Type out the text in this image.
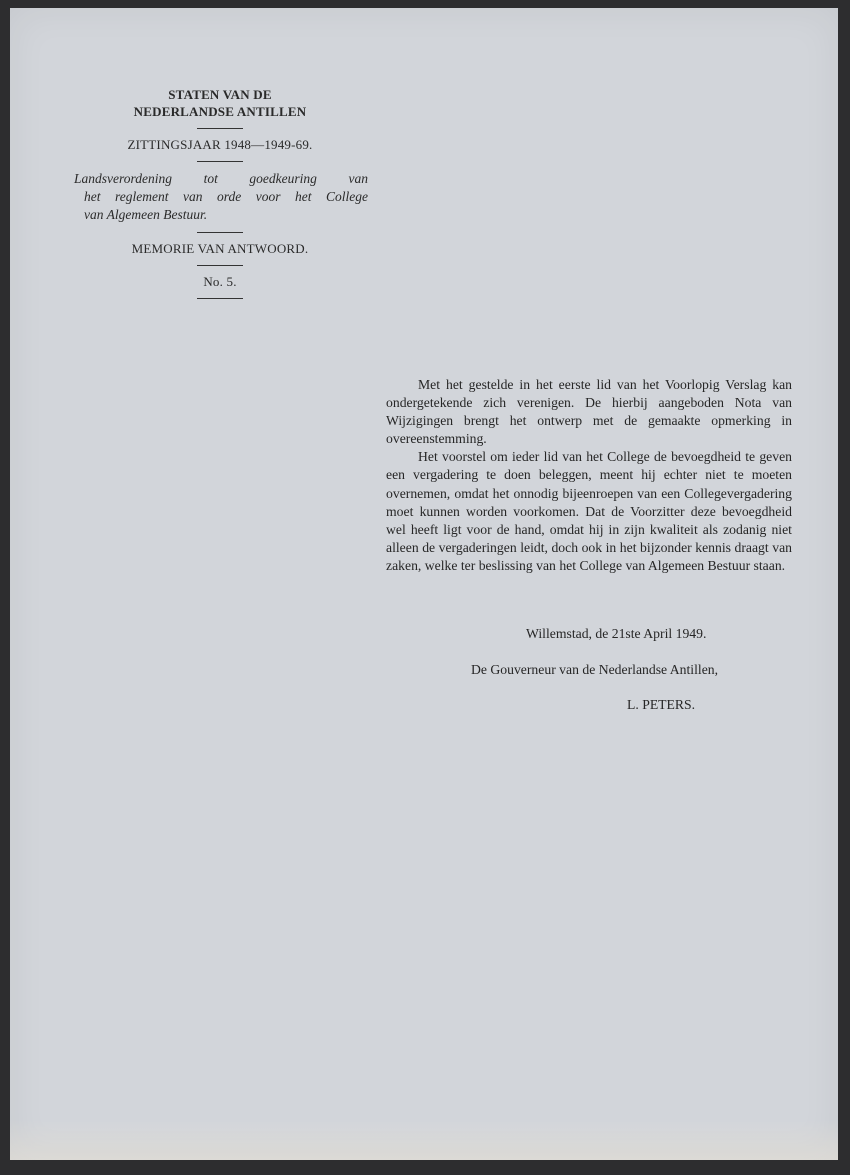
STATEN VAN DE
NEDERLANDSE ANTILLEN
ZITTINGSJAAR 1948—1949-69.
Landsverordening tot goedkeuring van
het reglement van orde voor het College
van Algemeen Bestuur.
MEMORIE VAN ANTWOORD.
No. 5.

Met het gestelde in het eerste lid van het Voorlopig Verslag kan ondergetekende zich verenigen. De hierbij aangeboden Nota van Wijzigingen brengt het ontwerp met de gemaakte opmerking in overeenstemming.

Het voorstel om ieder lid van het College de bevoegdheid te geven een vergadering te doen beleggen, meent hij echter niet te moeten overnemen, omdat het onnodig bijeenroepen van een Collegevergadering moet kunnen worden voorkomen. Dat de Voorzitter deze bevoegdheid wel heeft ligt voor de hand, omdat hij in zijn kwaliteit als zodanig niet alleen de vergaderingen leidt, doch ook in het bijzonder kennis draagt van zaken, welke ter beslissing van het College van Algemeen Bestuur staan.

Willemstad, de 21ste April 1949.
De Gouverneur van de Nederlandse Antillen,
L. PETERS.
